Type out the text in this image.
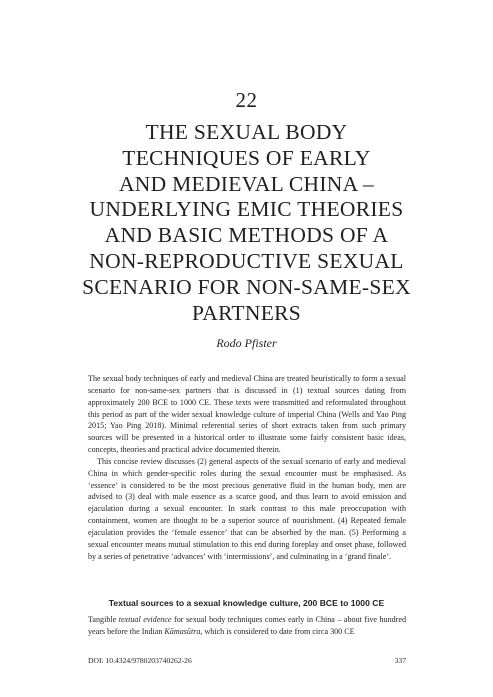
22
THE SEXUAL BODY
TECHNIQUES OF EARLY
AND MEDIEVAL CHINA –
UNDERLYING EMIC THEORIES
AND BASIC METHODS OF A
NON-REPRODUCTIVE SEXUAL
SCENARIO FOR NON-SAME-SEX
PARTNERS
Rodo Pfister

The sexual body techniques of early and medieval China are treated heuristically to form a sexual scenario for non-same-sex partners that is discussed in (1) textual sources dating from approximately 200 BCE to 1000 CE. These texts were transmitted and reformulated throughout this period as part of the wider sexual knowledge culture of imperial China (Wells and Yao Ping 2015; Yao Ping 2018). Minimal referential series of short extracts taken from such primary sources will be presented in a historical order to illustrate some fairly consistent basic ideas, concepts, theories and practical advice documented therein.

This concise review discusses (2) general aspects of the sexual scenario of early and medieval China in which gender-specific roles during the sexual encounter must be emphasised. As ‘essence’ is considered to be the most precious generative fluid in the human body, men are advised to (3) deal with male essence as a scarce good, and thus learn to avoid emission and ejaculation during a sexual encounter. In stark contrast to this male preoccupation with containment, women are thought to be a superior source of nourishment. (4) Repeated female ejaculation provides the ‘female essence’ that can be absorbed by the man. (5) Performing a sexual encounter means mutual stimulation to this end during foreplay and onset phase, followed by a series of penetrative ‘advances’ with ‘intermissions’, and culminating in a ‘grand finale’.

Textual sources to a sexual knowledge culture, 200 BCE to 1000 CE

Tangible textual evidence for sexual body techniques comes early in China – about five hundred years before the Indian Kāmasūtra, which is considered to date from circa 300 CE

DOI: 10.4324/9780203740262-26	337
